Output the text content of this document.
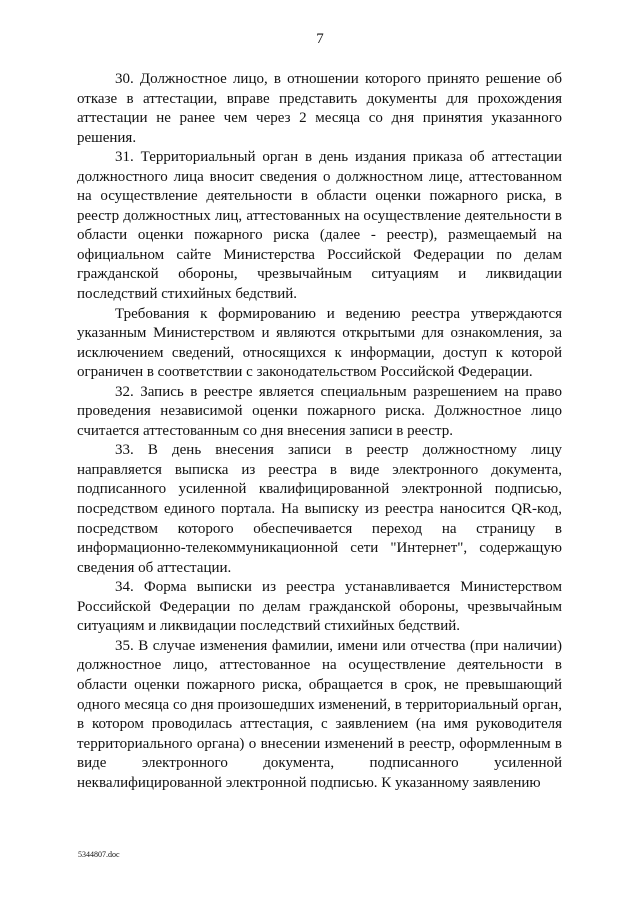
7

30. Должностное лицо, в отношении которого принято решение об отказе в аттестации, вправе представить документы для прохождения аттестации не ранее чем через 2 месяца со дня принятия указанного решения.

31. Территориальный орган в день издания приказа об аттестации должностного лица вносит сведения о должностном лице, аттестованном на осуществление деятельности в области оценки пожарного риска, в реестр должностных лиц, аттестованных на осуществление деятельности в области оценки пожарного риска (далее - реестр), размещаемый на официальном сайте Министерства Российской Федерации по делам гражданской обороны, чрезвычайным ситуациям и ликвидации последствий стихийных бедствий.

Требования к формированию и ведению реестра утверждаются указанным Министерством и являются открытыми для ознакомления, за исключением сведений, относящихся к информации, доступ к которой ограничен в соответствии с законодательством Российской Федерации.

32. Запись в реестре является специальным разрешением на право проведения независимой оценки пожарного риска. Должностное лицо считается аттестованным со дня внесения записи в реестр.

33. В день внесения записи в реестр должностному лицу направляется выписка из реестра в виде электронного документа, подписанного усиленной квалифицированной электронной подписью, посредством единого портала. На выписку из реестра наносится QR-код, посредством которого обеспечивается переход на страницу в информационно-телекоммуникационной сети "Интернет", содержащую сведения об аттестации.

34. Форма выписки из реестра устанавливается Министерством Российской Федерации по делам гражданской обороны, чрезвычайным ситуациям и ликвидации последствий стихийных бедствий.

35. В случае изменения фамилии, имени или отчества (при наличии) должностное лицо, аттестованное на осуществление деятельности в области оценки пожарного риска, обращается в срок, не превышающий одного месяца со дня произошедших изменений, в территориальный орган, в котором проводилась аттестация, с заявлением (на имя руководителя территориального органа) о внесении изменений в реестр, оформленным в виде электронного документа, подписанного усиленной неквалифицированной электронной подписью. К указанному заявлению

5344807.doc
